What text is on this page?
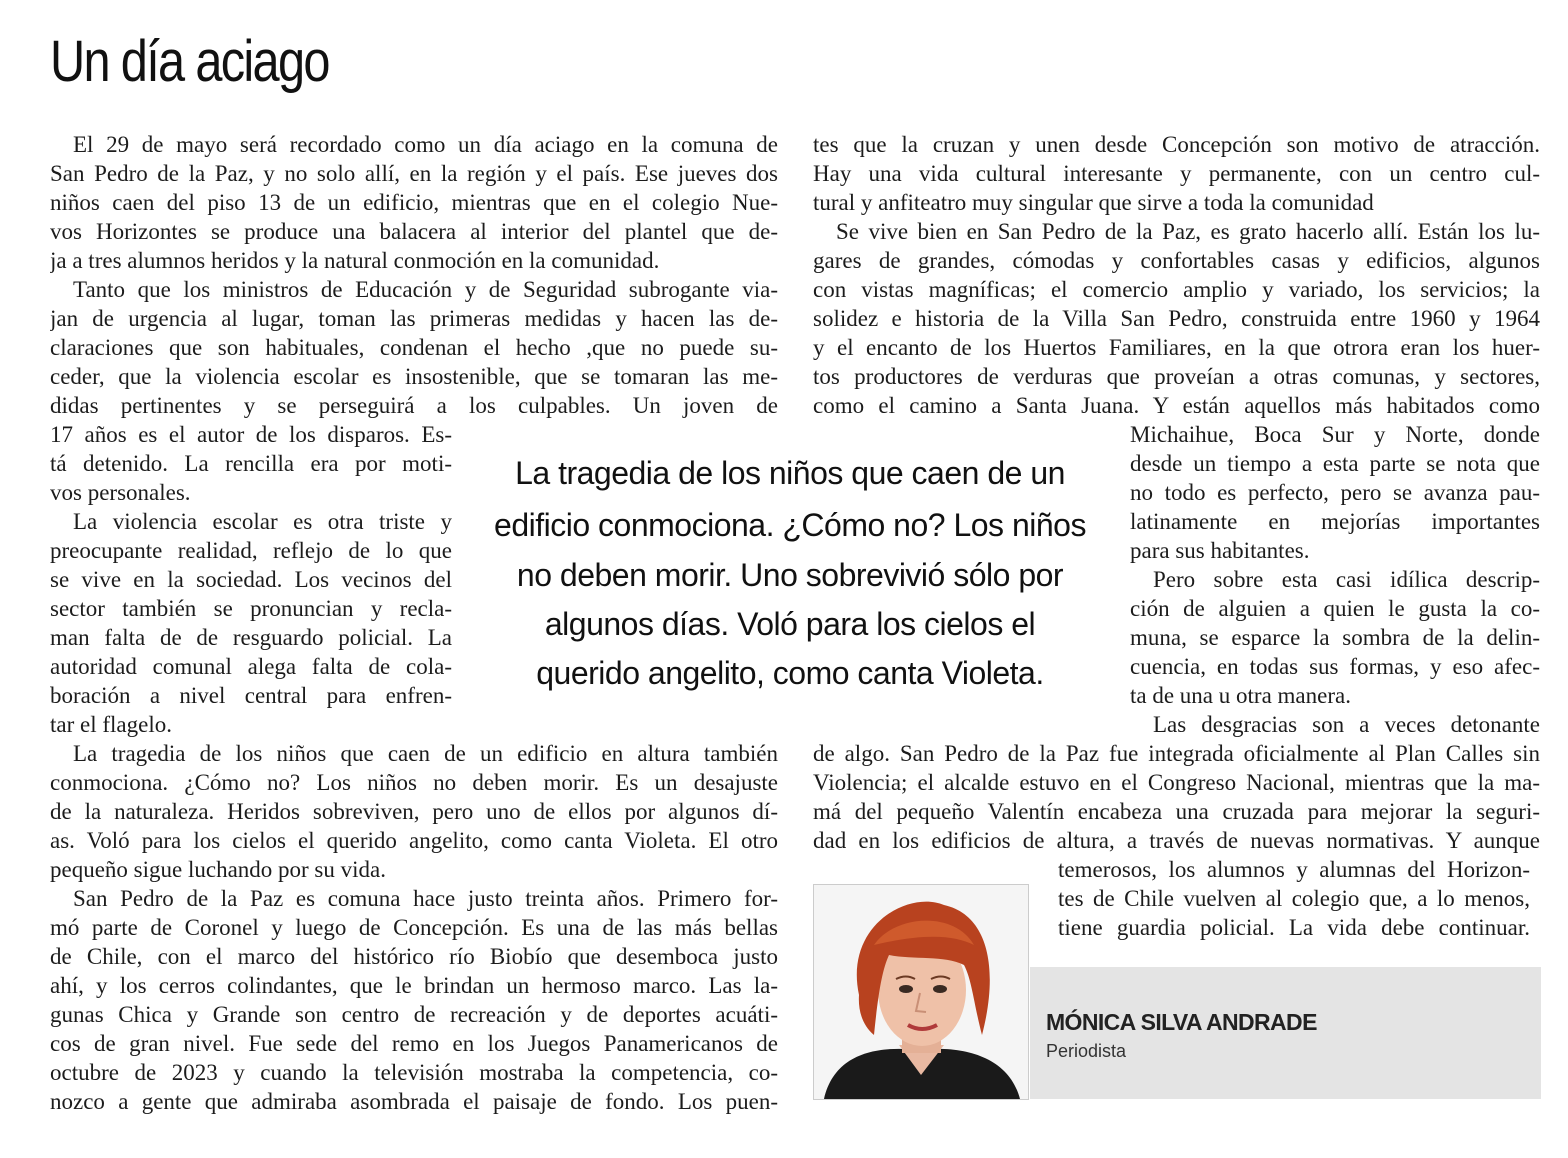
Un día aciago

El 29 de mayo será recordado como un día aciago en la comuna de

San Pedro de la Paz, y no solo allí, en la región y el país. Ese jueves dos

niños caen del piso 13 de un edificio, mientras que en el colegio Nue-

vos Horizontes se produce una balacera al interior del plantel que de-

ja a tres alumnos heridos y la natural conmoción en la comunidad.

Tanto que los ministros de Educación y de Seguridad subrogante via-

jan de urgencia al lugar, toman las primeras medidas y hacen las de-

claraciones que son habituales, condenan el hecho ,que no puede su-

ceder, que la violencia escolar es insostenible, que se tomaran las me-

didas pertinentes y se perseguirá a los culpables. Un joven de

17 años es el autor de los disparos. Es-

tá detenido. La rencilla era por moti-

vos personales.

La violencia escolar es otra triste y

preocupante realidad, reflejo de lo que

se vive en la sociedad. Los vecinos del

sector también se pronuncian y recla-

man falta de de resguardo policial. La

autoridad comunal alega falta de cola-

boración a nivel central para enfren-

tar el flagelo.

La tragedia de los niños que caen de un edificio en altura también

conmociona. ¿Cómo no? Los niños no deben morir. Es un desajuste

de la naturaleza. Heridos sobreviven, pero uno de ellos por algunos dí-

as. Voló para los cielos el querido angelito, como canta Violeta. El otro

pequeño sigue luchando por su vida.

San Pedro de la Paz es comuna hace justo treinta años. Primero for-

mó parte de Coronel y luego de Concepción. Es una de las más bellas

de Chile, con el marco del histórico río Biobío que desemboca justo

ahí, y los cerros colindantes, que le brindan un hermoso marco. Las la-

gunas Chica y Grande son centro de recreación y de deportes acuáti-

cos de gran nivel. Fue sede del remo en los Juegos Panamericanos de

octubre de 2023 y cuando la televisión mostraba la competencia, co-

nozco a gente que admiraba asombrada el paisaje de fondo. Los puen-

tes que la cruzan y unen desde Concepción son motivo de atracción.

Hay una vida cultural interesante y permanente, con un centro cul-

tural y anfiteatro muy singular que sirve a toda la comunidad

Se vive bien en San Pedro de la Paz, es grato hacerlo allí. Están los lu-

gares de grandes, cómodas y confortables casas y edificios, algunos

con vistas magníficas; el comercio amplio y variado, los servicios; la

solidez e historia de la Villa San Pedro, construida entre 1960 y 1964

y el encanto de los Huertos Familiares, en la que otrora eran los huer-

tos productores de verduras que proveían a otras comunas, y sectores,

como el camino a Santa Juana. Y están aquellos más habitados como

Michaihue, Boca Sur y Norte, donde

desde un tiempo a esta parte se nota que

no todo es perfecto, pero se avanza pau-

latinamente en mejorías importantes

para sus habitantes.

Pero sobre esta casi idílica descrip-

ción de alguien a quien le gusta la co-

muna, se esparce la sombra de la delin-

cuencia, en todas sus formas, y eso afec-

ta de una u otra manera.

Las desgracias son a veces detonante

de algo. San Pedro de la Paz fue integrada oficialmente al Plan Calles sin

Violencia; el alcalde estuvo en el Congreso Nacional, mientras que la ma-

má del pequeño Valentín encabeza una cruzada para mejorar la seguri-

dad en los edificios de altura, a través de nuevas normativas. Y aunque

temerosos, los alumnos y alumnas del Horizon-

tes de Chile vuelven al colegio que, a lo menos,

tiene guardia policial. La vida debe continuar.

La tragedia de los niños que caen de un

edificio conmociona. ¿Cómo no? Los niños

no deben morir. Uno sobrevivió sólo por

algunos días. Voló para los cielos el

querido angelito, como canta Violeta.

MÓNICA SILVA ANDRADE

Periodista
